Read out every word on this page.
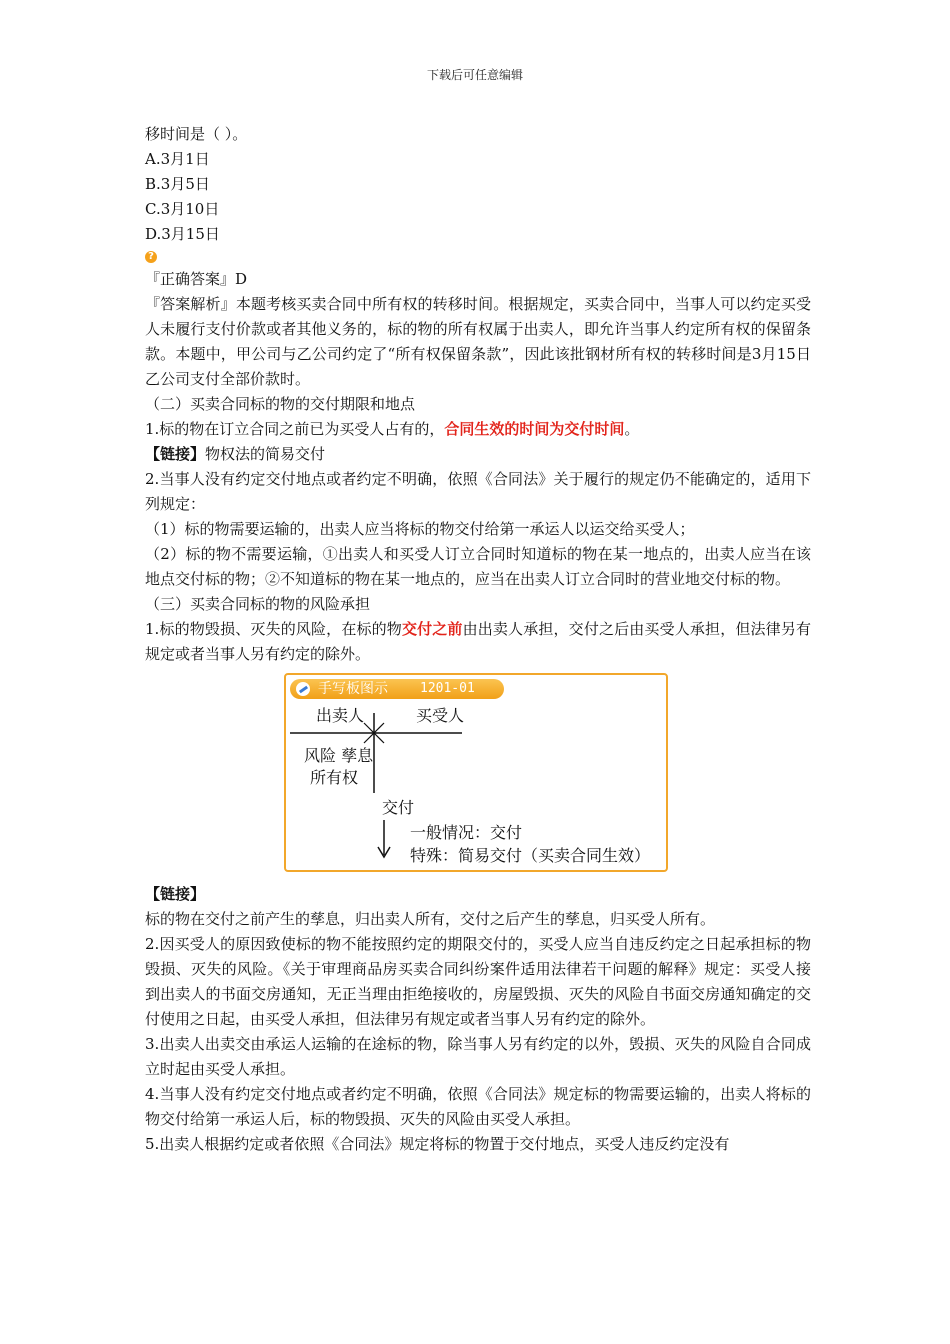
下载后可任意编辑
移时间是（ ）。
A.3月1日
B.3月5日
C.3月10日
D.3月15日
?
『正确答案』D
『答案解析』本题考核买卖合同中所有权的转移时间。根据规定，买卖合同中，当事人可以约定买受人未履行支付价款或者其他义务的，标的物的所有权属于出卖人，即允许当事人约定所有权的保留条款。本题中，甲公司与乙公司约定了“所有权保留条款”，因此该批钢材所有权的转移时间是3月15日乙公司支付全部价款时。
（二）买卖合同标的物的交付期限和地点
1.标的物在订立合同之前已为买受人占有的，合同生效的时间为交付时间。
【链接】物权法的简易交付
2.当事人没有约定交付地点或者约定不明确，依照《合同法》关于履行的规定仍不能确定的，适用下列规定：
（1）标的物需要运输的，出卖人应当将标的物交付给第一承运人以运交给买受人；
（2）标的物不需要运输，①出卖人和买受人订立合同时知道标的物在某一地点的，出卖人应当在该地点交付标的物；②不知道标的物在某一地点的，应当在出卖人订立合同时的营业地交付标的物。
（三）买卖合同标的物的风险承担
1.标的物毁损、灭失的风险，在标的物交付之前由出卖人承担，交付之后由买受人承担，但法律另有规定或者当事人另有约定的除外。
手写板图示 1201-01
出卖人	买受人
风险 孳息
所有权
交付
一般情况：交付
特殊：简易交付（买卖合同生效）
【链接】
标的物在交付之前产生的孳息，归出卖人所有，交付之后产生的孳息，归买受人所有。
2.因买受人的原因致使标的物不能按照约定的期限交付的，买受人应当自违反约定之日起承担标的物毁损、灭失的风险。《关于审理商品房买卖合同纠纷案件适用法律若干问题的解释》规定：买受人接到出卖人的书面交房通知，无正当理由拒绝接收的，房屋毁损、灭失的风险自书面交房通知确定的交付使用之日起，由买受人承担，但法律另有规定或者当事人另有约定的除外。
3.出卖人出卖交由承运人运输的在途标的物，除当事人另有约定的以外，毁损、灭失的风险自合同成立时起由买受人承担。
4.当事人没有约定交付地点或者约定不明确，依照《合同法》规定标的物需要运输的，出卖人将标的物交付给第一承运人后，标的物毁损、灭失的风险由买受人承担。
5.出卖人根据约定或者依照《合同法》规定将标的物置于交付地点，买受人违反约定没有
